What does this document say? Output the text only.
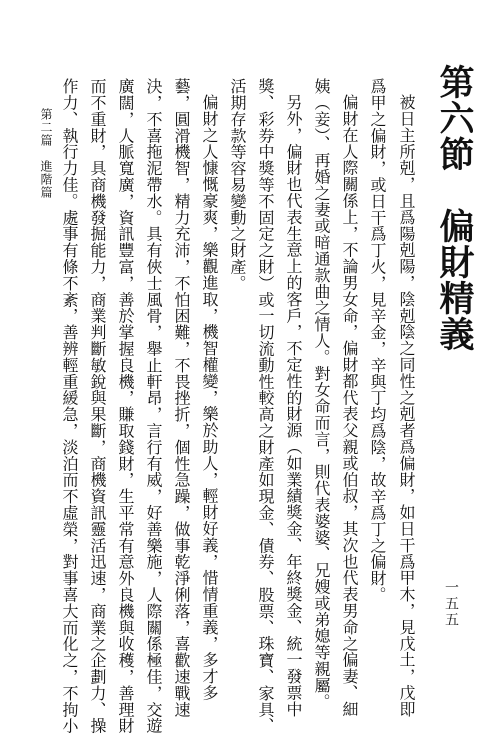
第六節　偏財精義
被日主所剋，且爲陽剋陽，陰剋陰之同性之剋者爲偏財，如日干爲甲木，見戊土，戊即
爲甲之偏財，或日干爲丁火，見辛金，辛與丁均爲陰，故辛爲丁之偏財。
偏財在人際關係上，不論男女命，偏財都代表父親或伯叔，其次也代表男命之偏妻、細
姨（妾）、再婚之妻或暗通款曲之情人。對女命而言，則代表婆婆、兄嫂或弟媳等親屬。
另外，偏財也代表生意上的客戶，不定性的財源（如業績獎金、年終獎金、統一發票中
獎、彩券中獎等不固定之財）或一切流動性較高之財產如現金、債券、股票、珠寶、家具、
活期存款等容易變動之財產。
偏財之人慷慨豪爽，樂觀進取，機智權變，樂於助人，輕財好義，惜情重義，多才多
藝，圓滑機智，精力充沛，不怕困難，不畏挫折，個性急躁，做事乾淨俐落，喜歡速戰速
決，不喜拖泥帶水。具有俠士風骨，舉止軒昂，言行有威，好善樂施，人際關係極佳，交遊
廣闊，人脈寬廣，資訊豐富，善於掌握良機，賺取錢財，生平常有意外良機與收穫，善理財
而不重財，具商機發掘能力，商業判斷敏銳與果斷，商機資訊靈活迅速，商業之企劃力、操
作力、執行力佳。處事有條不紊，善辨輕重緩急，淡泊而不虛榮，對事喜大而化之，不拘小	一五五
第二篇　進階篇
